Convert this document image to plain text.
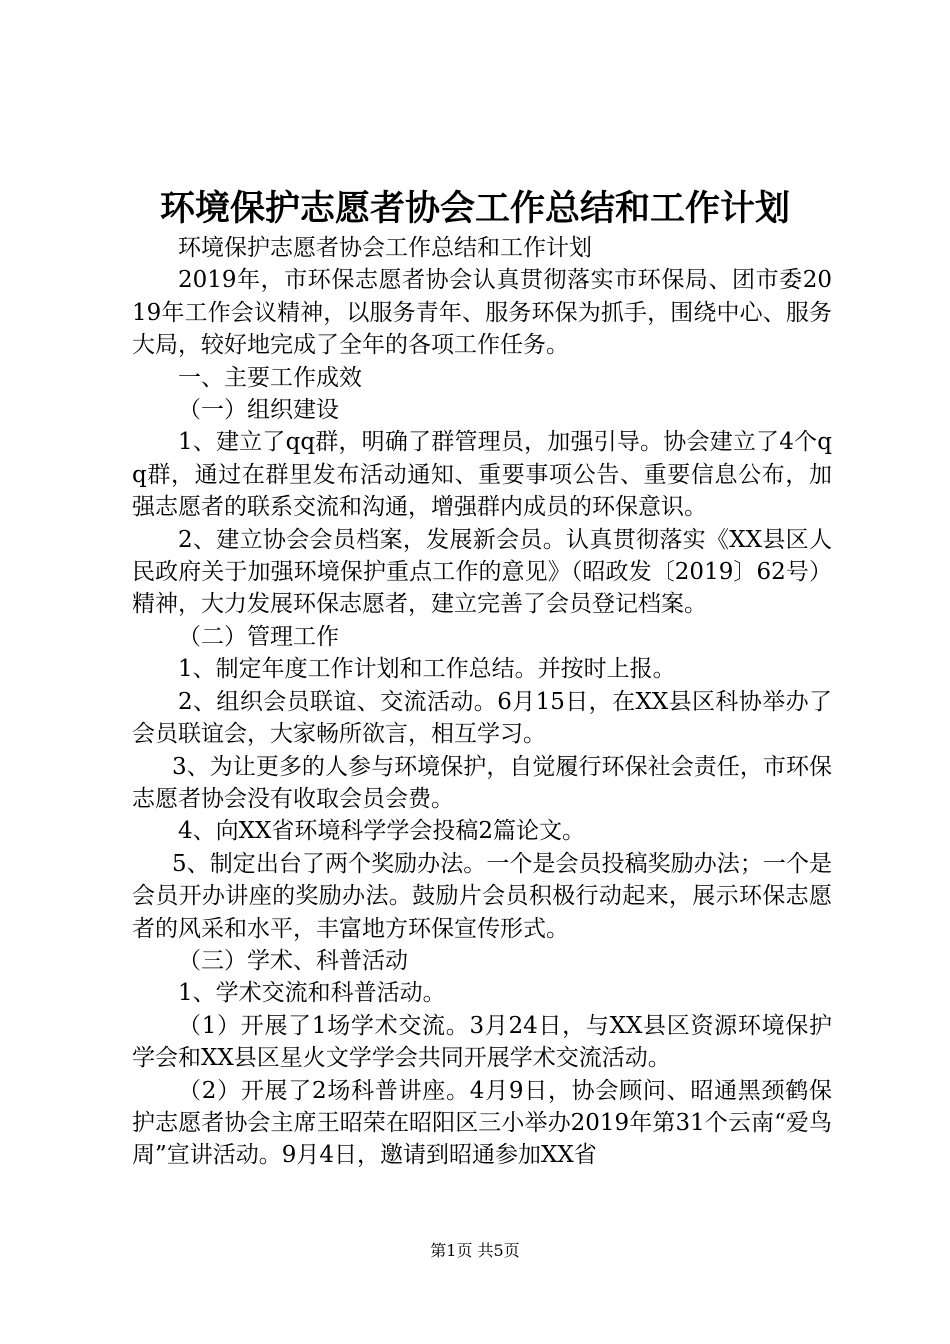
环境保护志愿者协会工作总结和工作计划

环境保护志愿者协会工作总结和工作计划

2019年，市环保志愿者协会认真贯彻落实市环保局、团市委2019年工作会议精神，以服务青年、服务环保为抓手，围绕中心、服务大局，较好地完成了全年的各项工作任务。

一、主要工作成效

（一）组织建设

1、建立了qq群，明确了群管理员，加强引导。协会建立了4个qq群，通过在群里发布活动通知、重要事项公告、重要信息公布，加强志愿者的联系交流和沟通，增强群内成员的环保意识。

2、建立协会会员档案，发展新会员。认真贯彻落实《XX县区人民政府关于加强环境保护重点工作的意见》（昭政发〔2019〕62号）精神，大力发展环保志愿者，建立完善了会员登记档案。

（二）管理工作

1、制定年度工作计划和工作总结。并按时上报。

2、组织会员联谊、交流活动。6月15日，在XX县区科协举办了会员联谊会，大家畅所欲言，相互学习。

3、为让更多的人参与环境保护，自觉履行环保社会责任，市环保志愿者协会没有收取会员会费。

4、向XX省环境科学学会投稿2篇论文。

5、制定出台了两个奖励办法。一个是会员投稿奖励办法；一个是会员开办讲座的奖励办法。鼓励片会员积极行动起来，展示环保志愿者的风采和水平，丰富地方环保宣传形式。

（三）学术、科普活动

1、学术交流和科普活动。

（1）开展了1场学术交流。3月24日，与XX县区资源环境保护学会和XX县区星火文学学会共同开展学术交流活动。

（2）开展了2场科普讲座。4月9日，协会顾问、昭通黑颈鹤保护志愿者协会主席王昭荣在昭阳区三小举办2019年第31个云南“爱鸟周”宣讲活动。9月4日，邀请到昭通参加XX省

第1页 共5页
